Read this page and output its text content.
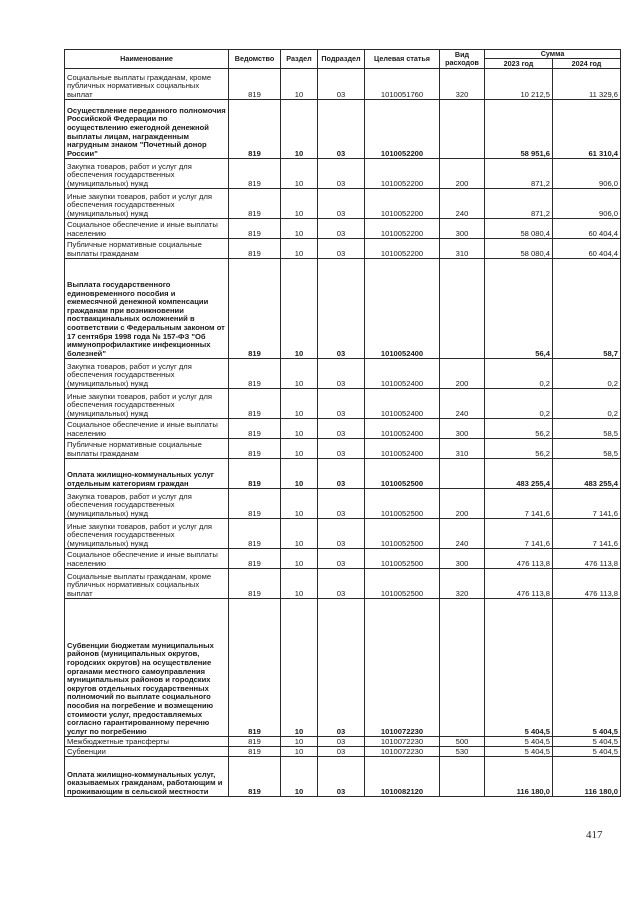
Наименование	Ведомство	Раздел	Подраздел	Целевая статья	Вид расходов	Сумма	
						2023 год	2024 год
Социальные выплаты гражданам, кроме публичных нормативных социальных выплат	819	10	03	1010051760	320	10 212,5	11 329,6
Осуществление переданного полномочия Российской Федерации по осуществлению ежегодной денежной выплаты лицам, награжденным нагрудным знаком "Почетный донор России"	819	10	03	1010052200		58 951,6	61 310,4
Закупка товаров, работ и услуг для обеспечения государственных (муниципальных) нужд	819	10	03	1010052200	200	871,2	906,0
Иные закупки товаров, работ и услуг для обеспечения государственных (муниципальных) нужд	819	10	03	1010052200	240	871,2	906,0
Социальное обеспечение и иные выплаты населению	819	10	03	1010052200	300	58 080,4	60 404,4
Публичные нормативные социальные выплаты гражданам	819	10	03	1010052200	310	58 080,4	60 404,4
Выплата государственного единовременного пособия и ежемесячной денежной компенсации гражданам при возникновении поствакцинальных осложнений в соответствии с Федеральным законом от 17 сентября 1998 года № 157-ФЗ "Об иммунопрофилактике инфекционных болезней"	819	10	03	1010052400		56,4	58,7
Закупка товаров, работ и услуг для обеспечения государственных (муниципальных) нужд	819	10	03	1010052400	200	0,2	0,2
Иные закупки товаров, работ и услуг для обеспечения государственных (муниципальных) нужд	819	10	03	1010052400	240	0,2	0,2
Социальное обеспечение и иные выплаты населению	819	10	03	1010052400	300	56,2	58,5
Публичные нормативные социальные выплаты гражданам	819	10	03	1010052400	310	56,2	58,5
Оплата жилищно-коммунальных услуг отдельным категориям граждан	819	10	03	1010052500		483 255,4	483 255,4
Закупка товаров, работ и услуг для обеспечения государственных (муниципальных) нужд	819	10	03	1010052500	200	7 141,6	7 141,6
Иные закупки товаров, работ и услуг для обеспечения государственных (муниципальных) нужд	819	10	03	1010052500	240	7 141,6	7 141,6
Социальное обеспечение и иные выплаты населению	819	10	03	1010052500	300	476 113,8	476 113,8
Социальные выплаты гражданам, кроме публичных нормативных социальных выплат	819	10	03	1010052500	320	476 113,8	476 113,8
Субвенции бюджетам муниципальных районов (муниципальных округов, городских округов) на осуществление органами местного самоуправления муниципальных районов и городских округов отдельных государственных полномочий по выплате социального пособия на погребение и возмещению стоимости услуг, предоставляемых согласно гарантированному перечню услуг по погребению	819	10	03	1010072230		5 404,5	5 404,5
Межбюджетные трансферты	819	10	03	1010072230	500	5 404,5	5 404,5
Субвенции	819	10	03	1010072230	530	5 404,5	5 404,5
Оплата жилищно-коммунальных услуг, оказываемых гражданам, работающим и проживающим в сельской местности	819	10	03	1010082120		116 180,0	116 180,0
417
